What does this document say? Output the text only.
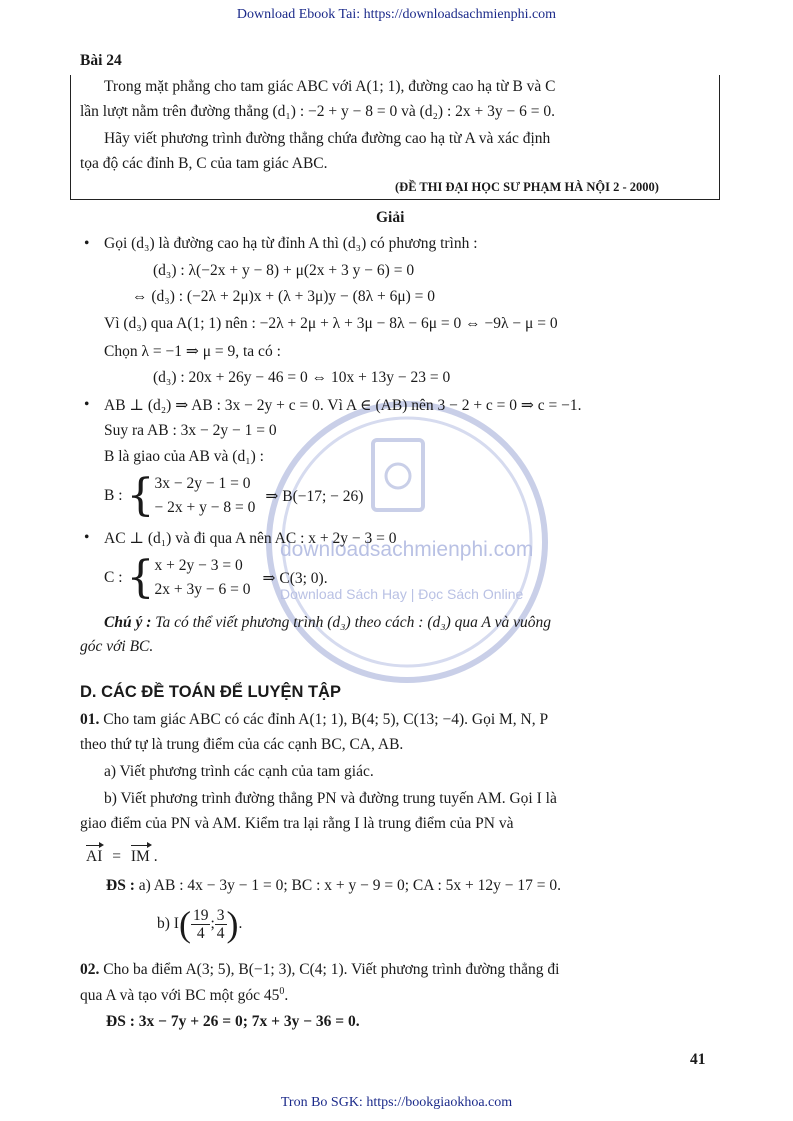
Download Ebook Tai: https://downloadsachmienphi.com
Tron Bo SGK: https://bookgiaokhoa.com
downloadsachmienphi.com
Download Sách Hay | Đọc Sách Online
Bài 24
Trong mặt phẳng cho tam giác ABC với A(1; 1), đường cao hạ từ B và C
lần lượt nằm trên đường thẳng (d₁) : −2 + y − 8 = 0 và (d₂) : 2x + 3y − 6 = 0.
Hãy viết phương trình đường thẳng chứa đường cao hạ từ A và xác định
tọa độ các đỉnh B, C của tam giác ABC.
(ĐỀ THI ĐẠI HỌC SƯ PHẠM HÀ NỘI 2 - 2000)
Giải
• Gọi (d₃) là đường cao hạ từ đỉnh A thì (d₃) có phương trình :
(d₃) : λ(−2x + y − 8) + μ(2x + 3 y − 6) = 0
⇔ (d₃) : (−2λ + 2μ)x + (λ + 3μ)y − (8λ + 6μ) = 0
Vì (d₃) qua A(1; 1) nên : −2λ + 2μ + λ + 3μ − 8λ − 6μ = 0 ⇔ −9λ − μ = 0
Chọn λ = −1 ⇒ μ = 9, ta có :
(d₃) : 20x + 26y − 46 = 0 ⇔ 10x + 13y − 23 = 0
• AB ⊥ (d₂) ⇒ AB : 3x − 2y + c = 0. Vì A ∈ (AB) nên 3 − 2 + c = 0 ⇒ c = −1.
Suy ra AB : 3x − 2y − 1 = 0
B là giao của AB và (d₁) :
B : { 3x − 2y − 1 = 0
− 2x + y − 8 = 0
⇒ B(−17; − 26)
• AC ⊥ (d₁) và đi qua A nên AC : x + 2y − 3 = 0
C : { x + 2y − 3 = 0
2x + 3y − 6 = 0
⇒ C(3; 0).
Chú ý : Ta có thể viết phương trình (d₃) theo cách : (d₃) qua A và vuông
góc với BC.
D. CÁC ĐỀ TOÁN ĐỂ LUYỆN TẬP
01. Cho tam giác ABC có các đỉnh A(1; 1), B(4; 5), C(13; −4). Gọi M, N, P
theo thứ tự là trung điểm của các cạnh BC, CA, AB.
a) Viết phương trình các cạnh của tam giác.
b) Viết phương trình đường thẳng PN và đường trung tuyến AM. Gọi I là
giao điểm của PN và AM. Kiểm tra lại rằng I là trung điểm của PN và
AI = IM .
ĐS : a) AB : 4x − 3y − 1 = 0; BC : x + y − 9 = 0; CA : 5x + 12y − 17 = 0.
b) I ( $\frac{19}{4}$ ; $\frac{3}{4}$ ) .
02. Cho ba điểm A(3; 5), B(−1; 3), C(4; 1). Viết phương trình đường thẳng đi
qua A và tạo với BC một góc $45^0$.
ĐS : 3x − 7y + 26 = 0; 7x + 3y − 36 = 0.
41
